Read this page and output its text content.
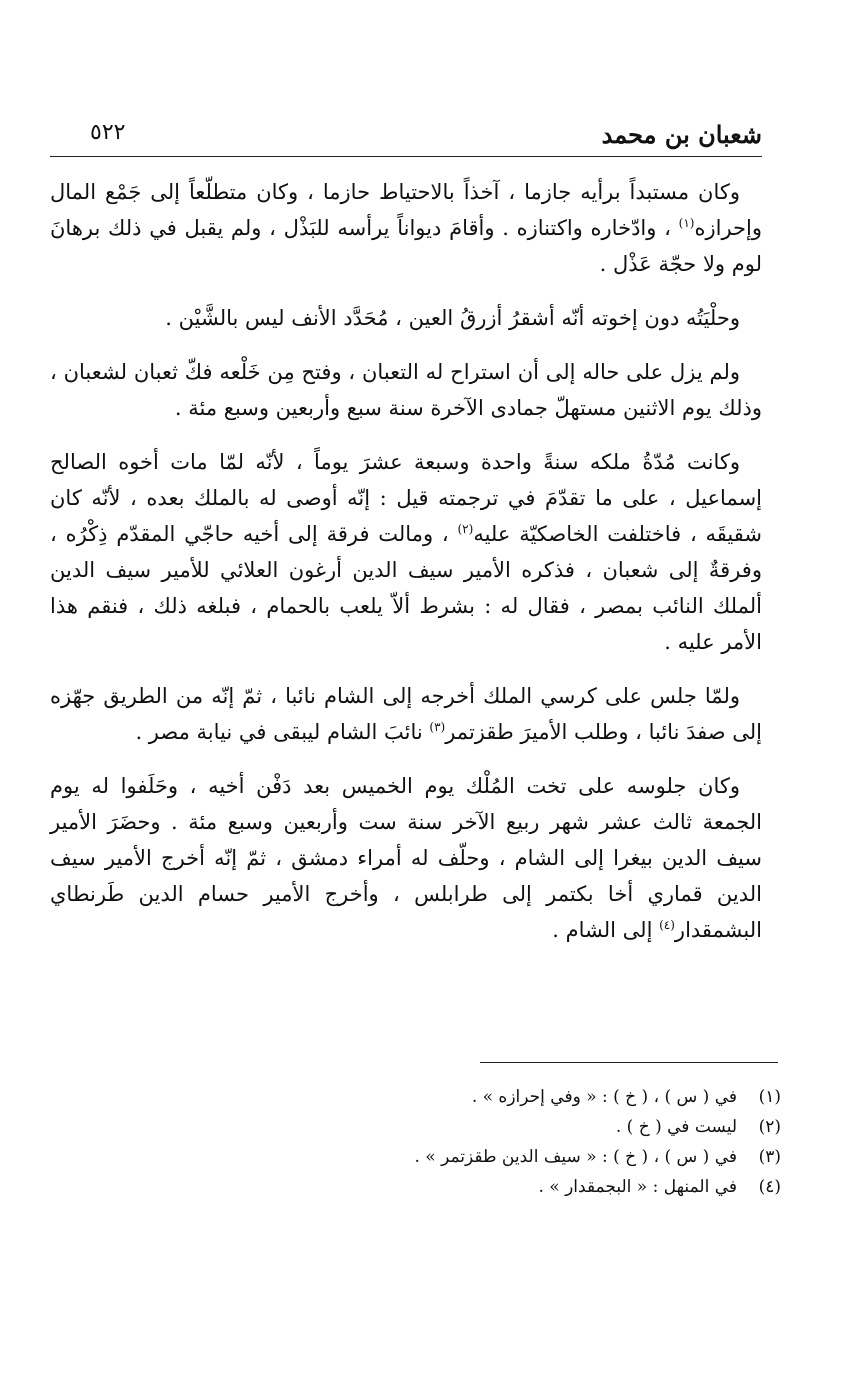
شعبان بن محمد
٥٢٢

وكان مستبداً برأيه جازما ، آخذاً بالاحتياط حازما ، وكان متطلّعاً إلى جَمْع المال وإحرازه$^{(١)}$ ، وادّخاره واكتنازه . وأقامَ ديواناً يرأسه للبَذْل ، ولم يقبل في ذلك برهانَ لوم ولا حجّة عَذْل .

وحلْيَتُه دون إخوته أنّه أشقرُ أزرقُ العين ، مُحَدَّد الأنف ليس بالشَّيْن .

ولم يزل على حاله إلى أن استراح له التعبان ، وفتح مِن خَلْعه فكّ ثعبان لشعبان ، وذلك يوم الاثنين مستهلّ جمادى الآخرة سنة سبع وأربعين وسبع مئة .

وكانت مُدّةُ ملكه سنةً واحدة وسبعة عشرَ يوماً ، لأنّه لمّا مات أخوه الصالح إسماعيل ، على ما تقدّمَ في ترجمته قيل : إنّه أوصى له بالملك بعده ، لأنّه كان شقيقَه ، فاختلفت الخاصكيّة عليه$^{(٢)}$ ، ومالت فرقة إلى أخيه حاجّي المقدّم ذِكْرُه ، وفرقةٌ إلى شعبان ، فذكره الأمير سيف الدين أرغون العلائي للأمير سيف الدين ألملك النائب بمصر ، فقال له : بشرط ألاّ يلعب بالحمام ، فبلغه ذلك ، فنقم هذا الأمر عليه .

ولمّا جلس على كرسي الملك أخرجه إلى الشام نائبا ، ثمّ إنّه من الطريق جهّزه إلى صفدَ نائبا ، وطلب الأميرَ طقزتمر$^{(٣)}$ نائبَ الشام ليبقى في نيابة مصر .

وكان جلوسه على تخت المُلْك يوم الخميس بعد دَفْن أخيه ، وحَلَفوا له يوم الجمعة ثالث عشر شهر ربيع الآخر سنة ست وأربعين وسبع مئة . وحضَرَ الأمير سيف الدين بيغرا إلى الشام ، وحلّف له أمراء دمشق ، ثمّ إنّه أخرج الأمير سيف الدين قماري أخا بكتمر إلى طرابلس ، وأخرج الأمير حسام الدين طَرنطاي البشمقدار$^{(٤)}$ إلى الشام .

(١)في ( س ) ، ( خ ) : « وفي إحرازه » .
(٢)ليست في ( خ ) .
(٣)في ( س ) ، ( خ ) : « سيف الدين طقزتمر » .
(٤)في المنهل : « البجمقدار » .
